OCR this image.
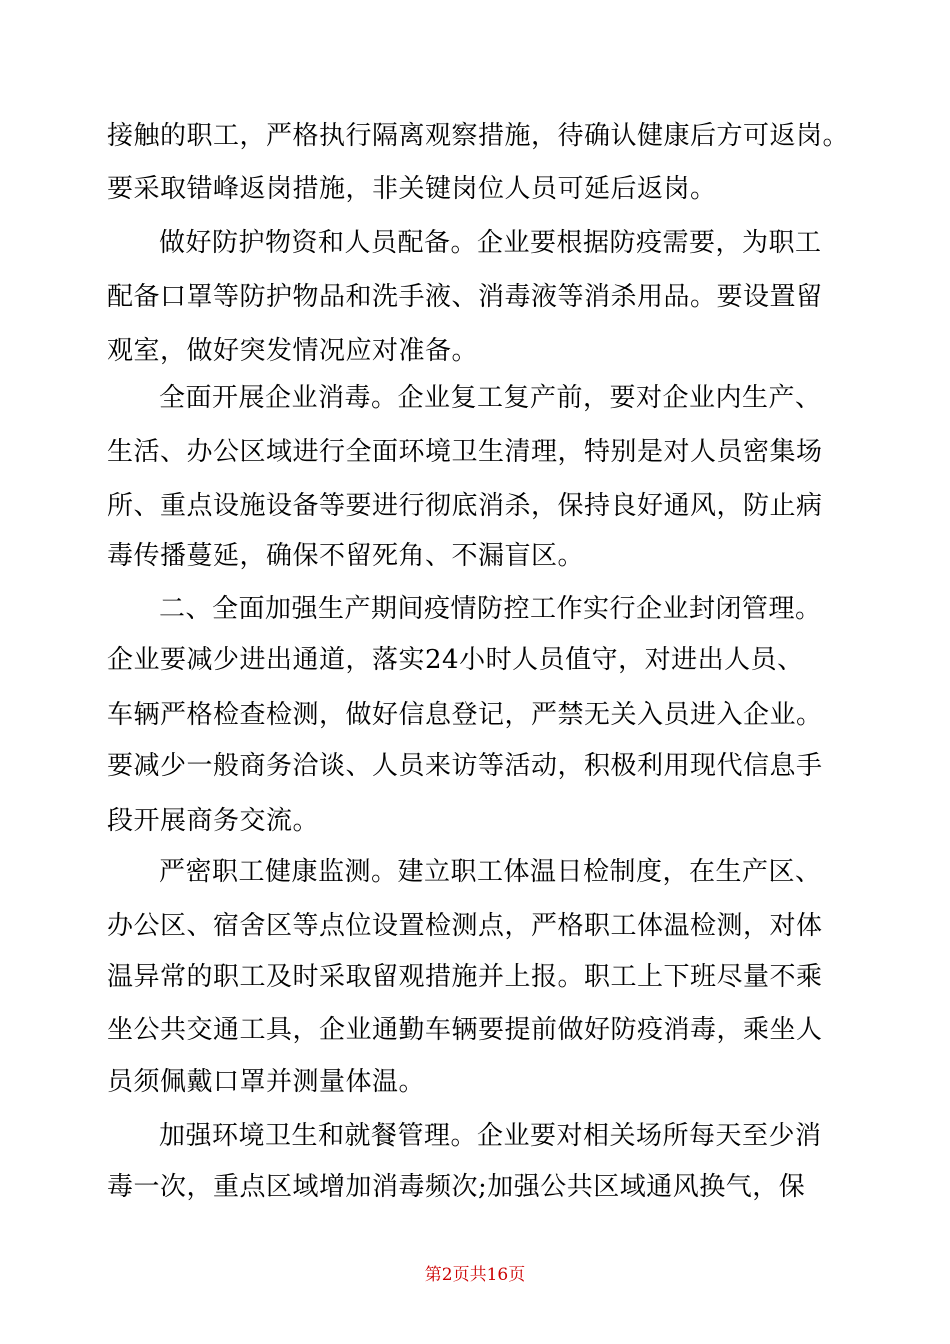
接触的职工，严格执行隔离观察措施，待确认健康后方可返岗。
要采取错峰返岗措施，非关键岗位人员可延后返岗。
做好防护物资和人员配备。企业要根据防疫需要，为职工
配备口罩等防护物品和洗手液、消毒液等消杀用品。要设置留
观室，做好突发情况应对准备。
全面开展企业消毒。企业复工复产前，要对企业内生产、
生活、办公区域进行全面环境卫生清理，特别是对人员密集场
所、重点设施设备等要进行彻底消杀，保持良好通风，防止病
毒传播蔓延，确保不留死角、不漏盲区。
二、全面加强生产期间疫情防控工作实行企业封闭管理。
企业要减少进出通道，落实24小时人员值守，对进出人员、
车辆严格检查检测，做好信息登记，严禁无关入员进入企业。
要减少一般商务洽谈、人员来访等活动，积极利用现代信息手
段开展商务交流。
严密职工健康监测。建立职工体温日检制度，在生产区、
办公区、宿舍区等点位设置检测点，严格职工体温检测，对体
温异常的职工及时采取留观措施并上报。职工上下班尽量不乘
坐公共交通工具，企业通勤车辆要提前做好防疫消毒，乘坐人
员须佩戴口罩并测量体温。
加强环境卫生和就餐管理。企业要对相关场所每天至少消
毒一次，重点区域增加消毒频次;加强公共区域通风换气，保
第2页共16页
